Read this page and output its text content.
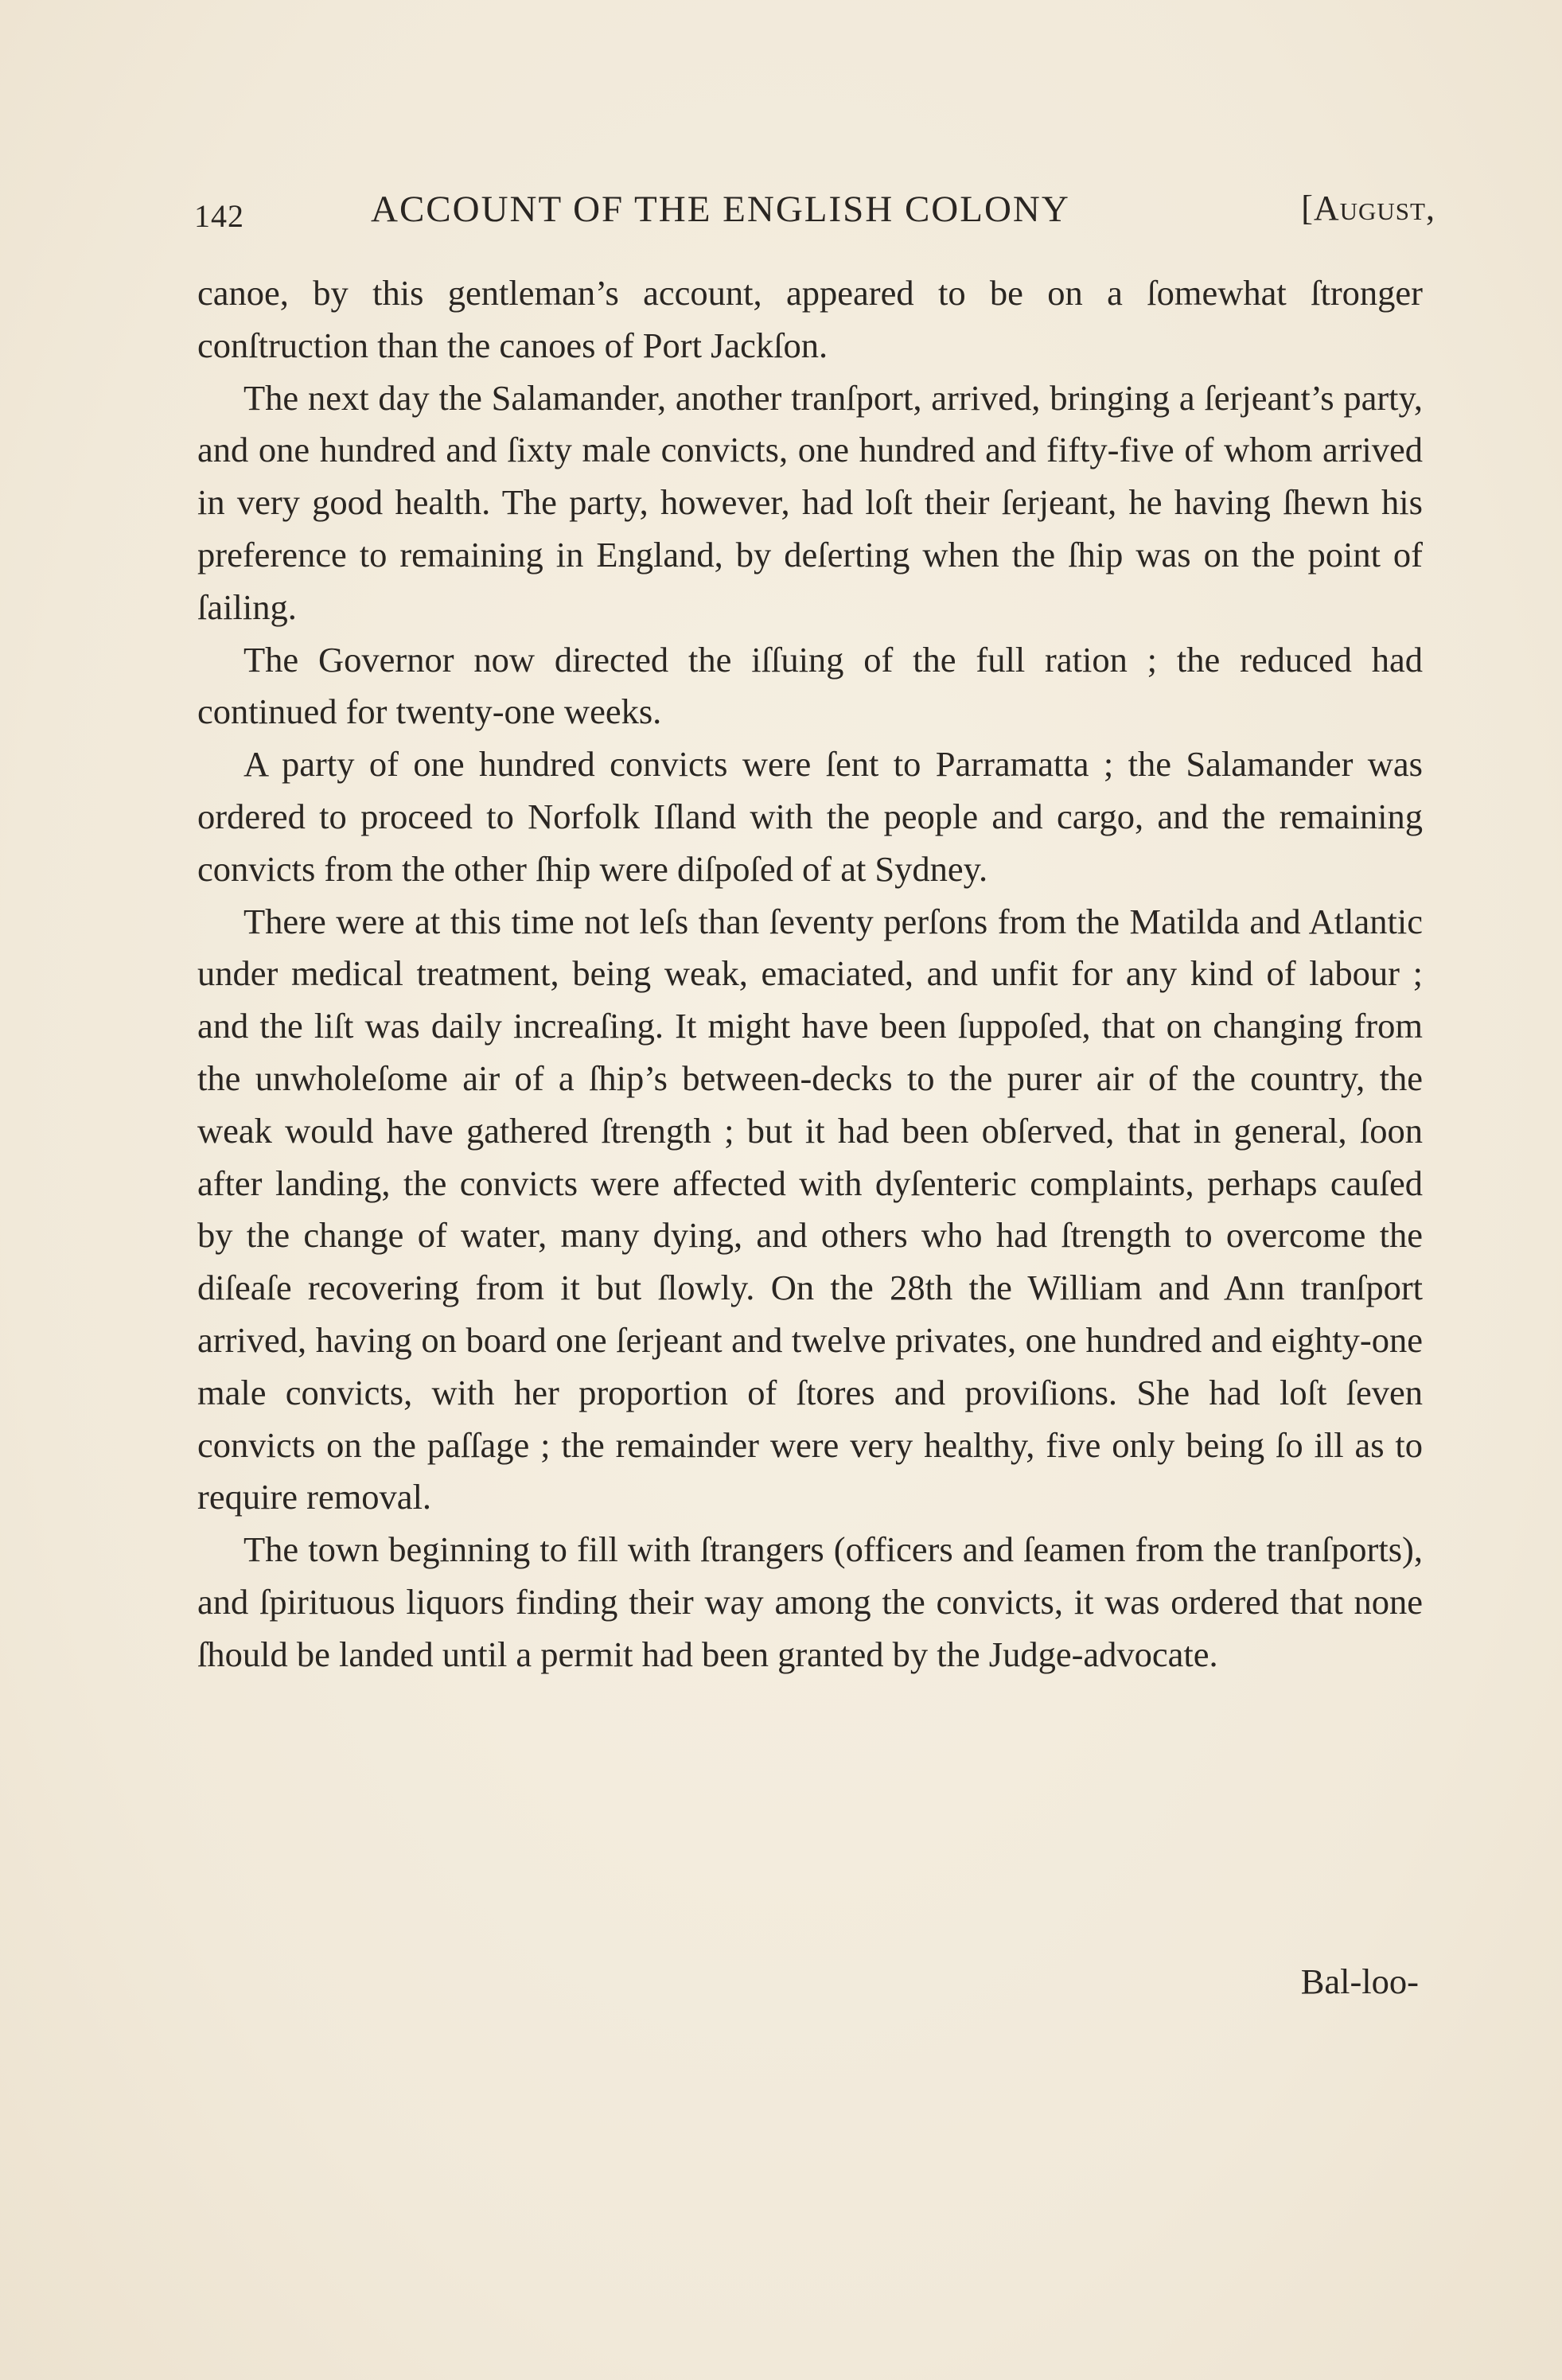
142	ACCOUNT OF THE ENGLISH COLONY	[August,

canoe, by this gentleman’s account, appeared to be on a ſomewhat ſtronger conſtruction than the canoes of Port Jackſon.

The next day the Salamander, another tranſport, arrived, bringing a ſerjeant’s party, and one hundred and ſixty male convicts, one hundred and fifty-five of whom arrived in very good health. The party, however, had loſt their ſerjeant, he having ſhewn his preference to remaining in England, by deſerting when the ſhip was on the point of ſailing.

The Governor now directed the iſſuing of the full ration ; the reduced had continued for twenty-one weeks.

A party of one hundred convicts were ſent to Parramatta ; the Salamander was ordered to proceed to Norfolk Iſland with the people and cargo, and the remaining convicts from the other ſhip were diſpoſed of at Sydney.

There were at this time not leſs than ſeventy perſons from the Matilda and Atlantic under medical treatment, being weak, emaciated, and unfit for any kind of labour ; and the liſt was daily increaſing. It might have been ſuppoſed, that on changing from the unwholeſome air of a ſhip’s between-decks to the purer air of the country, the weak would have gathered ſtrength ; but it had been obſerved, that in general, ſoon after landing, the convicts were affected with dyſenteric complaints, perhaps cauſed by the change of water, many dying, and others who had ſtrength to overcome the diſeaſe recovering from it but ſlowly. On the 28th the William and Ann tranſport arrived, having on board one ſerjeant and twelve privates, one hundred and eighty-one male convicts, with her proportion of ſtores and proviſions. She had loſt ſeven convicts on the paſſage ; the remainder were very healthy, five only being ſo ill as to require removal.

The town beginning to fill with ſtrangers (officers and ſeamen from the tranſports), and ſpirituous liquors finding their way among the convicts, it was ordered that none ſhould be landed until a permit had been granted by the Judge-advocate.

Bal-loo-
